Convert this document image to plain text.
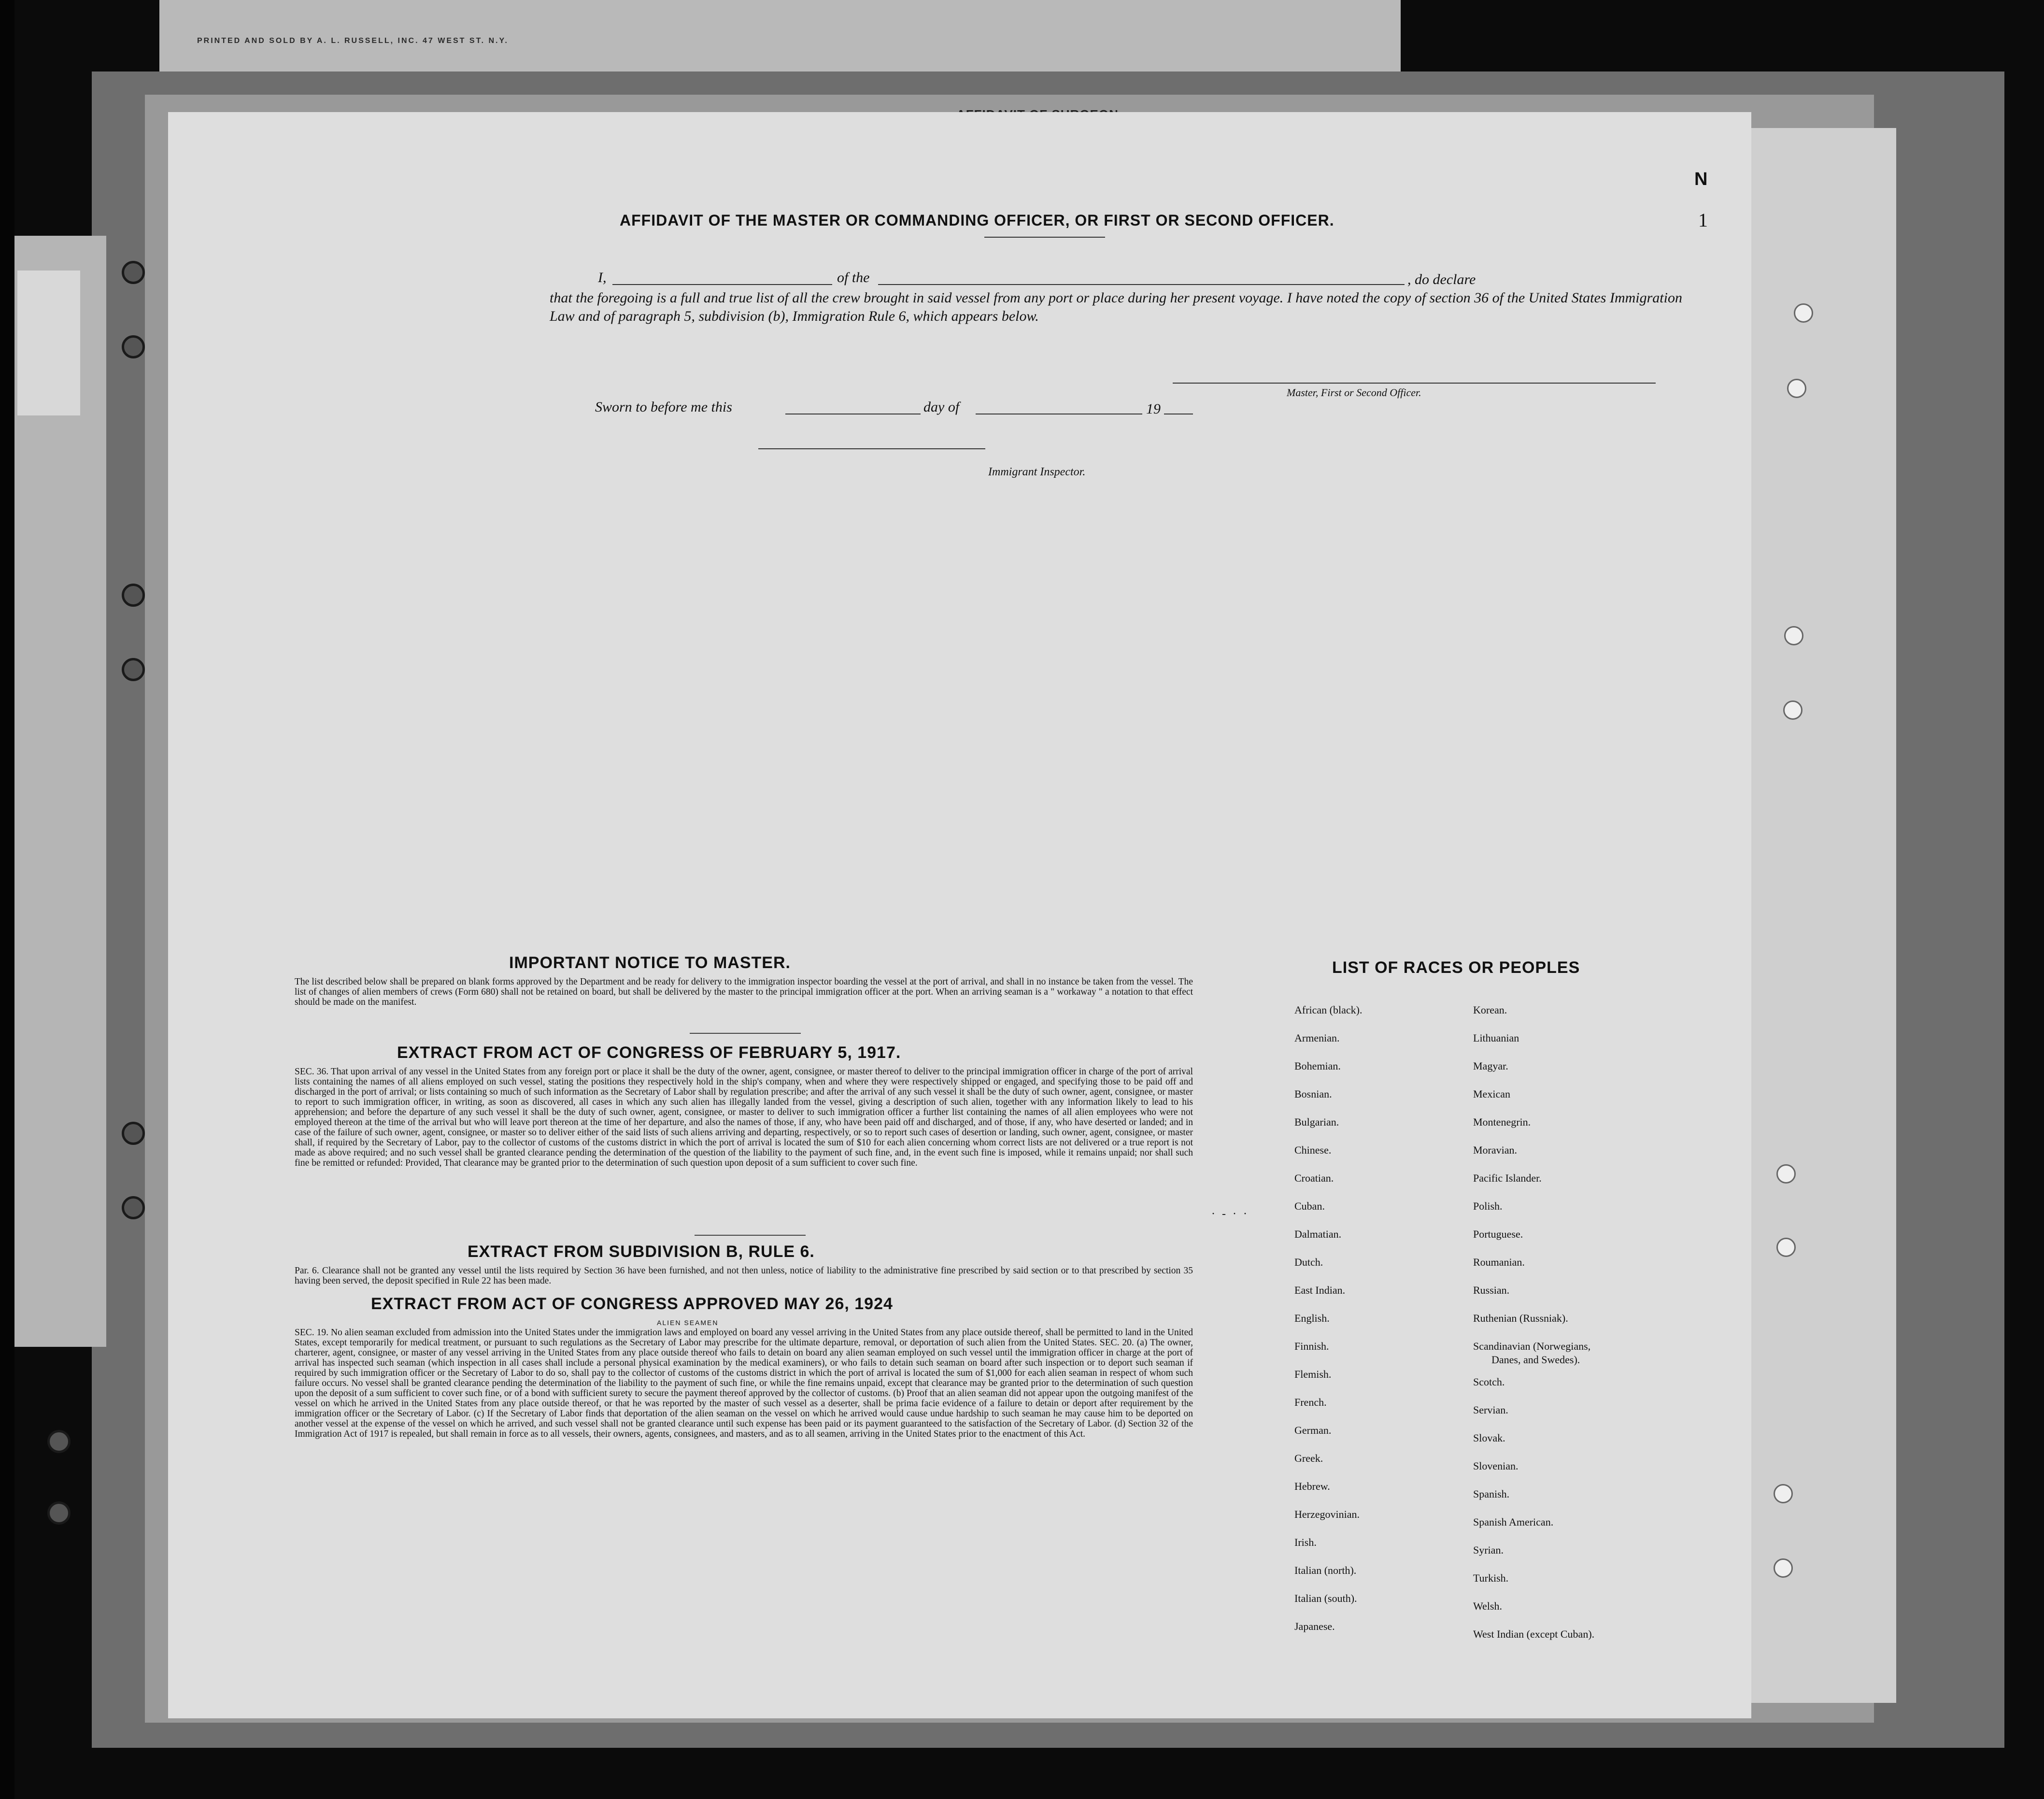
PRINTED AND SOLD BY A. L. RUSSELL, INC. 47 WEST ST. N.Y.
N
1
AFFIDAVIT OF THE MASTER OR COMMANDING OFFICER, OR FIRST OR SECOND OFFICER.
I,	of the	, do declare
that the foregoing is a full and true list of all the crew brought in said vessel from any port or place during her present voyage. I have noted the copy of section 36 of the United States Immigration Law and of paragraph 5, subdivision (b), Immigration Rule 6, which appears below.
Master, First or Second Officer.
Sworn to before me this	day of	19
Immigrant Inspector.
IMPORTANT NOTICE TO MASTER.
The list described below shall be prepared on blank forms approved by the Department and be ready for delivery to the immigration inspector boarding the vessel at the port of arrival, and shall in no instance be taken from the vessel. The list of changes of alien members of crews (Form 680) shall not be retained on board, but shall be delivered by the master to the principal immigration officer at the port. When an arriving seaman is a " workaway " a notation to that effect should be made on the manifest.
EXTRACT FROM ACT OF CONGRESS OF FEBRUARY 5, 1917.
SEC. 36. That upon arrival of any vessel in the United States from any foreign port or place it shall be the duty of the owner, agent, consignee, or master thereof to deliver to the principal immigration officer in charge of the port of arrival lists containing the names of all aliens employed on such vessel, stating the positions they respectively hold in the ship's company, when and where they were respectively shipped or engaged, and specifying those to be paid off and discharged in the port of arrival; or lists containing so much of such information as the Secretary of Labor shall by regulation prescribe; and after the arrival of any such vessel it shall be the duty of such owner, agent, consignee, or master to report to such immigration officer, in writing, as soon as discovered, all cases in which any such alien has illegally landed from the vessel, giving a description of such alien, together with any information likely to lead to his apprehension; and before the departure of any such vessel it shall be the duty of such owner, agent, consignee, or master to deliver to such immigration officer a further list containing the names of all alien employees who were not employed thereon at the time of the arrival but who will leave port thereon at the time of her departure, and also the names of those, if any, who have been paid off and discharged, and of those, if any, who have deserted or landed; and in case of the failure of such owner, agent, consignee, or master so to deliver either of the said lists of such aliens arriving and departing, respectively, or so to report such cases of desertion or landing, such owner, agent, consignee, or master shall, if required by the Secretary of Labor, pay to the collector of customs of the customs district in which the port of arrival is located the sum of $10 for each alien concerning whom correct lists are not delivered or a true report is not made as above required; and no such vessel shall be granted clearance pending the determination of the question of the liability to the payment of such fine, and, in the event such fine is imposed, while it remains unpaid; nor shall such fine be remitted or refunded: Provided, That clearance may be granted prior to the determination of such question upon deposit of a sum sufficient to cover such fine.
EXTRACT FROM SUBDIVISION B, RULE 6.
Par. 6. Clearance shall not be granted any vessel until the lists required by Section 36 have been furnished, and not then unless, notice of liability to the administrative fine prescribed by said section or to that prescribed by section 35 having been served, the deposit specified in Rule 22 has been made.
EXTRACT FROM ACT OF CONGRESS APPROVED MAY 26, 1924
ALIEN SEAMEN
SEC. 19. No alien seaman excluded from admission into the United States under the immigration laws and employed on board any vessel arriving in the United States from any place outside thereof, shall be permitted to land in the United States, except temporarily for medical treatment, or pursuant to such regulations as the Secretary of Labor may prescribe for the ultimate departure, removal, or deportation of such alien from the United States. SEC. 20. (a) The owner, charterer, agent, consignee, or master of any vessel arriving in the United States from any place outside thereof who fails to detain on board any alien seaman employed on such vessel until the immigration officer in charge at the port of arrival has inspected such seaman (which inspection in all cases shall include a personal physical examination by the medical examiners), or who fails to detain such seaman on board after such inspection or to deport such seaman if required by such immigration officer or the Secretary of Labor to do so, shall pay to the collector of customs of the customs district in which the port of arrival is located the sum of $1,000 for each alien seaman in respect of whom such failure occurs. No vessel shall be granted clearance pending the determination of the liability to the payment of such fine, or while the fine remains unpaid, except that clearance may be granted prior to the determination of such question upon the deposit of a sum sufficient to cover such fine, or of a bond with sufficient surety to secure the payment thereof approved by the collector of customs. (b) Proof that an alien seaman did not appear upon the outgoing manifest of the vessel on which he arrived in the United States from any place outside thereof, or that he was reported by the master of such vessel as a deserter, shall be prima facie evidence of a failure to detain or deport after requirement by the immigration officer or the Secretary of Labor. (c) If the Secretary of Labor finds that deportation of the alien seaman on the vessel on which he arrived would cause undue hardship to such seaman he may cause him to be deported on another vessel at the expense of the vessel on which he arrived, and such vessel shall not be granted clearance until such expense has been paid or its payment guaranteed to the satisfaction of the Secretary of Labor. (d) Section 32 of the Immigration Act of 1917 is repealed, but shall remain in force as to all vessels, their owners, agents, consignees, and masters, and as to all seamen, arriving in the United States prior to the enactment of this Act.
LIST OF RACES OR PEOPLES
· - · ·
African (black).
Armenian.
Bohemian.
Bosnian.
Bulgarian.
Chinese.
Croatian.
Cuban.
Dalmatian.
Dutch.
East Indian.
English.
Finnish.
Flemish.
French.
German.
Greek.
Hebrew.
Herzegovinian.
Irish.
Italian (north).
Italian (south).
Japanese.
Korean.
Lithuanian
Magyar.
Mexican
Montenegrin.
Moravian.
Pacific Islander.
Polish.
Portuguese.
Roumanian.
Russian.
Ruthenian (Russniak).
Scandinavian (Norwegians,
Danes, and Swedes).
Scotch.
Servian.
Slovak.
Slovenian.
Spanish.
Spanish American.
Syrian.
Turkish.
Welsh.
West Indian (except Cuban).
